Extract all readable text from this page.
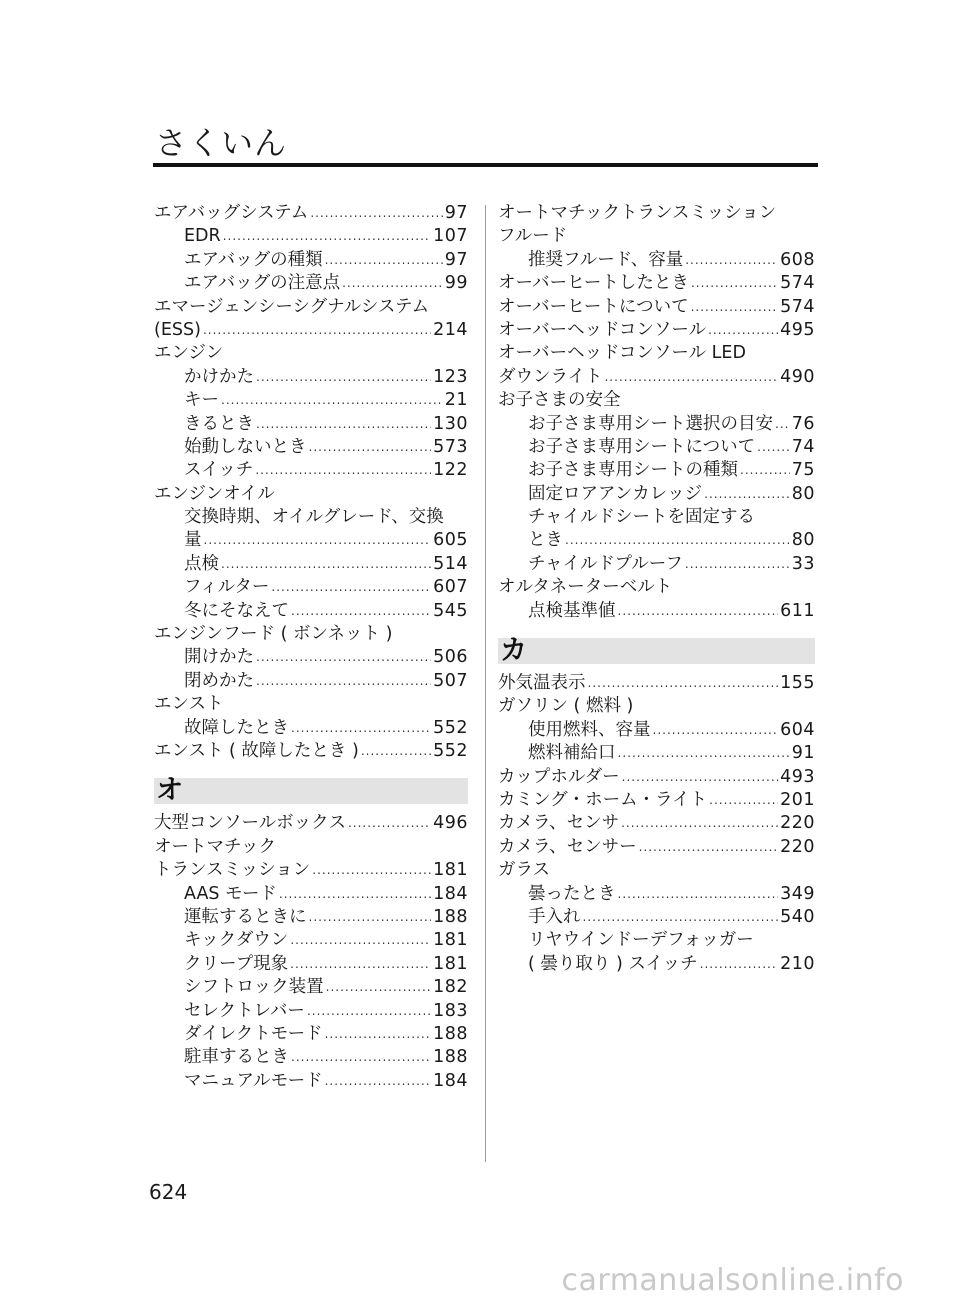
さくいん
エアバッグシステム .....	97
EDR .....	107
エアバッグの種類 .....	97
エアバッグの注意点 .....	99
エマージェンシーシグナルシステム
(ESS) .....	214
エンジン
かけかた .....	123
キー .....	21
きるとき .....	130
始動しないとき .....	573
スイッチ .....	122
エンジンオイル
交換時期、オイルグレード、交換
量 .....	605
点検 .....	514
フィルター .....	607
冬にそなえて .....	545
エンジンフード ( ボンネット )
開けかた .....	506
閉めかた .....	507
エンスト
故障したとき .....	552
エンスト ( 故障したとき ) .....	552
オ
大型コンソールボックス .....	496
オートマチック
トランスミッション .....	181
AAS モード .....	184
運転するときに .....	188
キックダウン .....	181
クリープ現象 .....	181
シフトロック装置 .....	182
セレクトレバー .....	183
ダイレクトモード .....	188
駐車するとき .....	188
マニュアルモード .....	184
オートマチックトランスミッション
フルード
推奨フルード、容量 .....	608
オーバーヒートしたとき .....	574
オーバーヒートについて .....	574
オーバーヘッドコンソール .....	495
オーバーヘッドコンソール LED
ダウンライト .....	490
お子さまの安全
お子さま専用シート選択の目安 ..... 76
お子さま専用シートについて ..... 74
お子さま専用シートの種類 .....	75
固定ロアアンカレッジ .....	80
チャイルドシートを固定する
とき .....	80
チャイルドプルーフ .....	33
オルタネーターベルト
点検基準値 .....	611
カ
外気温表示 .....	155
ガソリン ( 燃料 )
使用燃料、容量 .....	604
燃料補給口 .....	91
カップホルダー .....	493
カミング・ホーム・ライト .....	201
カメラ、センサ .....	220
カメラ、センサー .....	220
ガラス
曇ったとき .....	349
手入れ .....	540
リヤウインドーデフォッガー
( 曇り取り ) スイッチ .....	210
624
carmanualsonline.info
